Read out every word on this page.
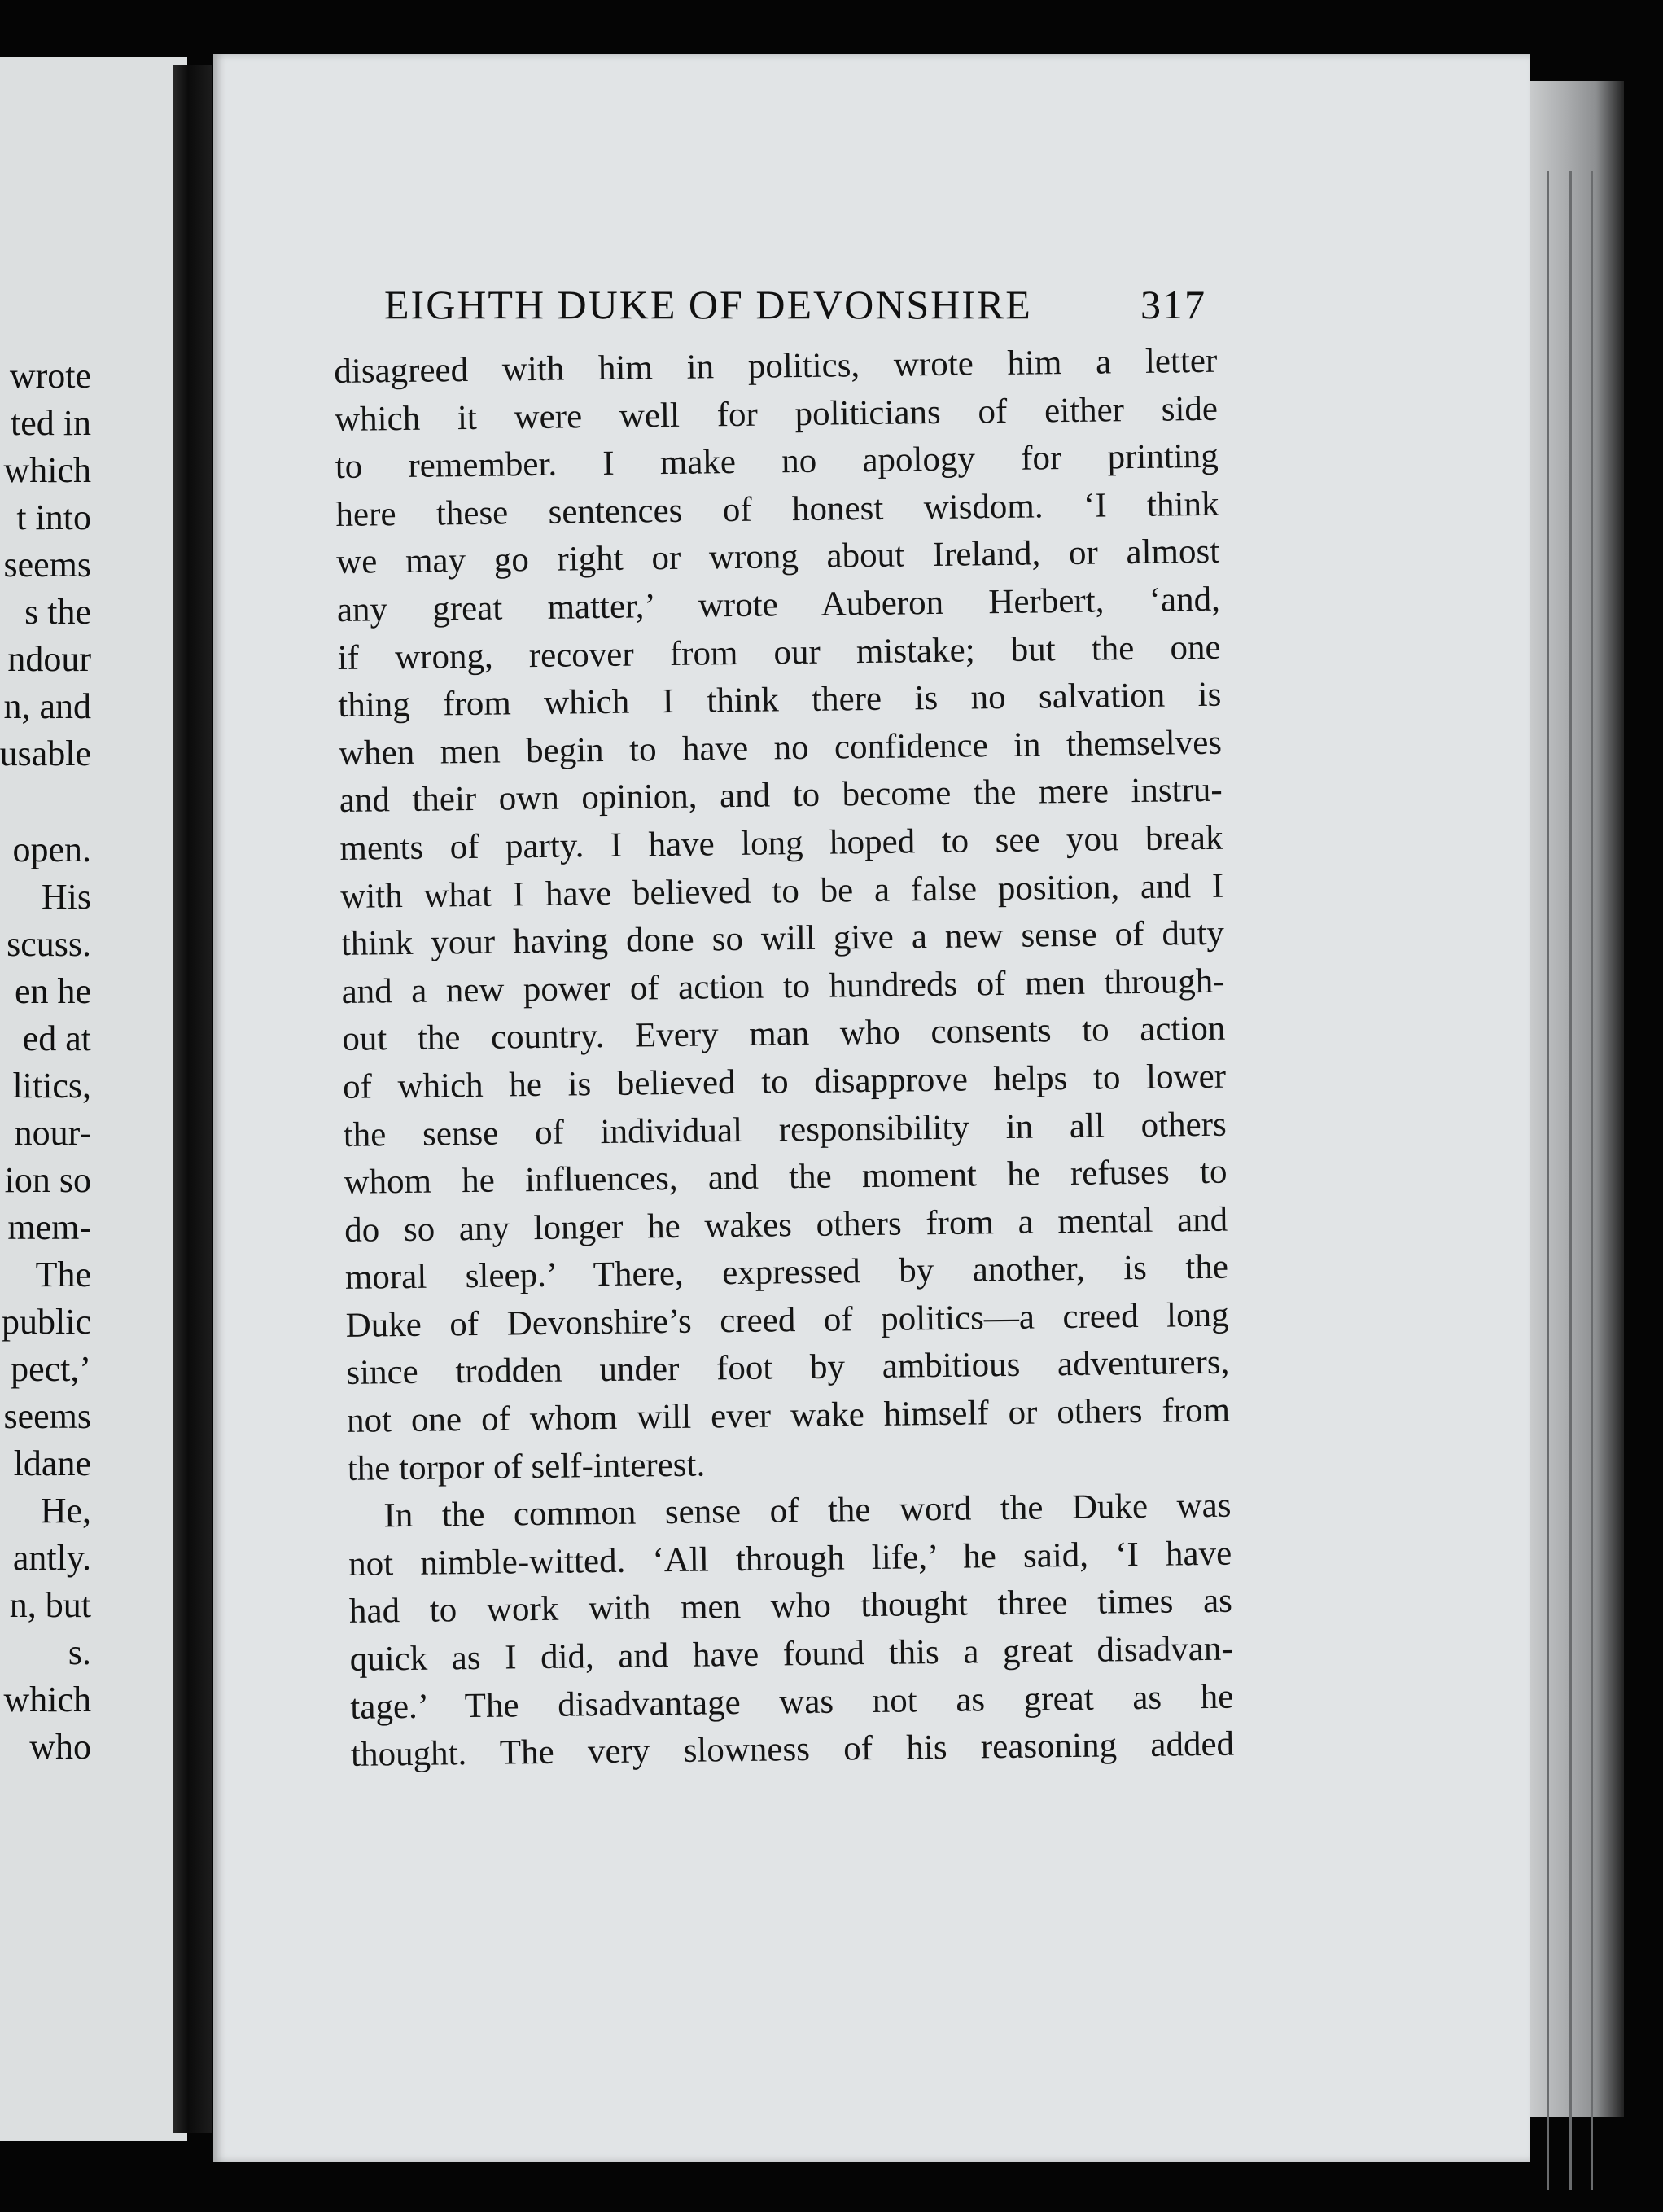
wrote
ted in
which
t into
seems
s the
ndour
n, and
usable
open.
His
scuss.
en he
ed at
litics,
nour-
ion so
mem-
The
public
pect,’
seems
ldane
He,
antly.
n, but
s.
which
who
EIGHTH DUKE OF DEVONSHIRE	317
disagreed with him in politics, wrote him a letter
which it were well for politicians of either side
to remember. I make no apology for printing
here these sentences of honest wisdom. ‘I think
we may go right or wrong about Ireland, or almost
any great matter,’ wrote Auberon Herbert, ‘and,
if wrong, recover from our mistake; but the one
thing from which I think there is no salvation is
when men begin to have no confidence in themselves
and their own opinion, and to become the mere instru-
ments of party. I have long hoped to see you break
with what I have believed to be a false position, and I
think your having done so will give a new sense of duty
and a new power of action to hundreds of men through-
out the country. Every man who consents to action
of which he is believed to disapprove helps to lower
the sense of individual responsibility in all others
whom he influences, and the moment he refuses to
do so any longer he wakes others from a mental and
moral sleep.’ There, expressed by another, is the
Duke of Devonshire’s creed of politics—a creed long
since trodden under foot by ambitious adventurers,
not one of whom will ever wake himself or others from
the torpor of self-interest.
In the common sense of the word the Duke was
not nimble-witted. ‘All through life,’ he said, ‘I have
had to work with men who thought three times as
quick as I did, and have found this a great disadvan-
tage.’ The disadvantage was not as great as he
thought. The very slowness of his reasoning added
